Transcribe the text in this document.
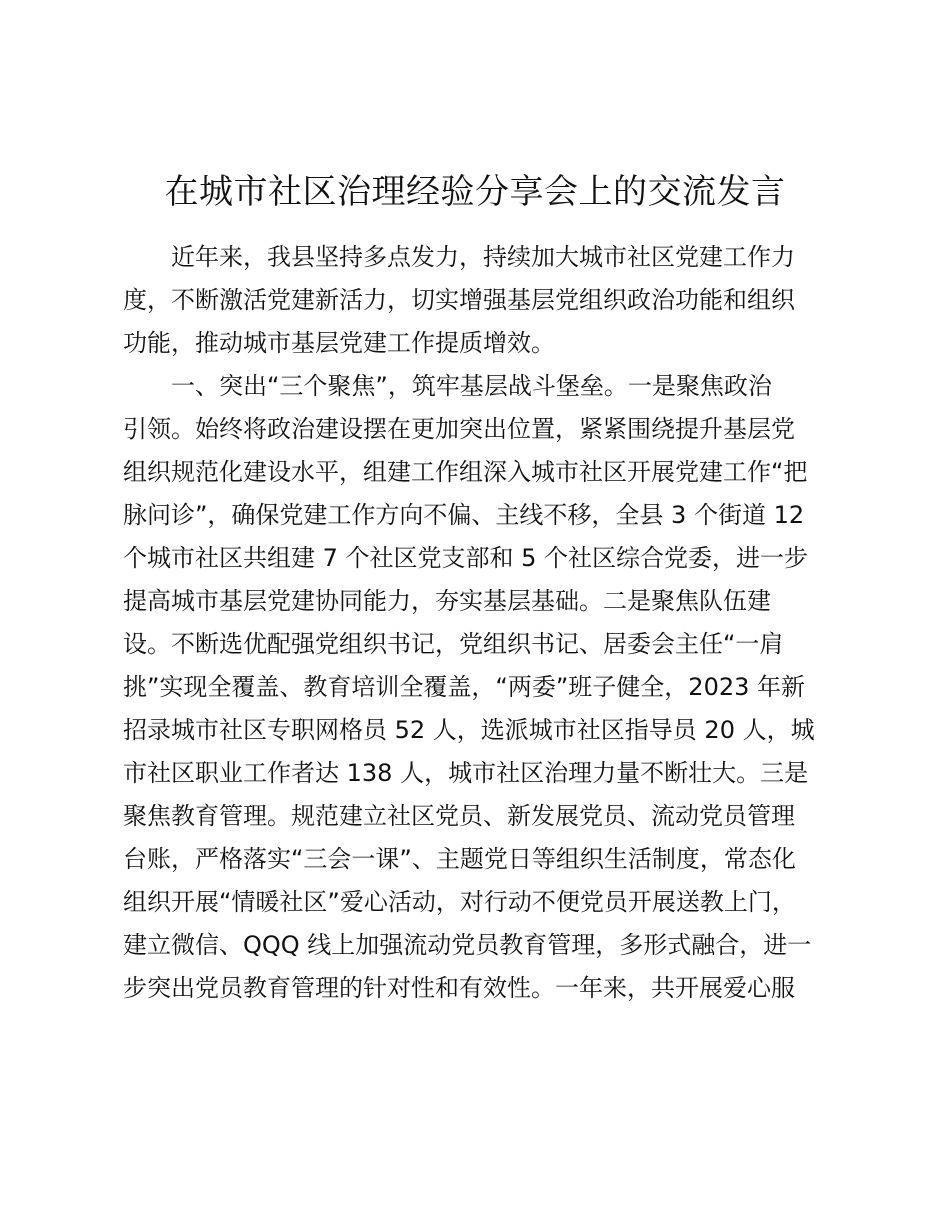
在城市社区治理经验分享会上的交流发言
近年来，我县坚持多点发力，持续加大城市社区党建工作力
度，不断激活党建新活力，切实增强基层党组织政治功能和组织
功能，推动城市基层党建工作提质增效。
一、突出“三个聚焦”，筑牢基层战斗堡垒。一是聚焦政治
引领。始终将政治建设摆在更加突出位置，紧紧围绕提升基层党
组织规范化建设水平，组建工作组深入城市社区开展党建工作“把
脉问诊”，确保党建工作方向不偏、主线不移，全县 3 个街道 12
个城市社区共组建 7 个社区党支部和 5 个社区综合党委，进一步
提高城市基层党建协同能力，夯实基层基础。二是聚焦队伍建
设。不断选优配强党组织书记，党组织书记、居委会主任“一肩
挑”实现全覆盖、教育培训全覆盖，“两委”班子健全，2023 年新
招录城市社区专职网格员 52 人，选派城市社区指导员 20 人，城
市社区职业工作者达 138 人，城市社区治理力量不断壮大。三是
聚焦教育管理。规范建立社区党员、新发展党员、流动党员管理
台账，严格落实“三会一课”、主题党日等组织生活制度，常态化
组织开展“情暖社区”爱心活动，对行动不便党员开展送教上门，
建立微信、QQQ 线上加强流动党员教育管理，多形式融合，进一
步突出党员教育管理的针对性和有效性。一年来，共开展爱心服
